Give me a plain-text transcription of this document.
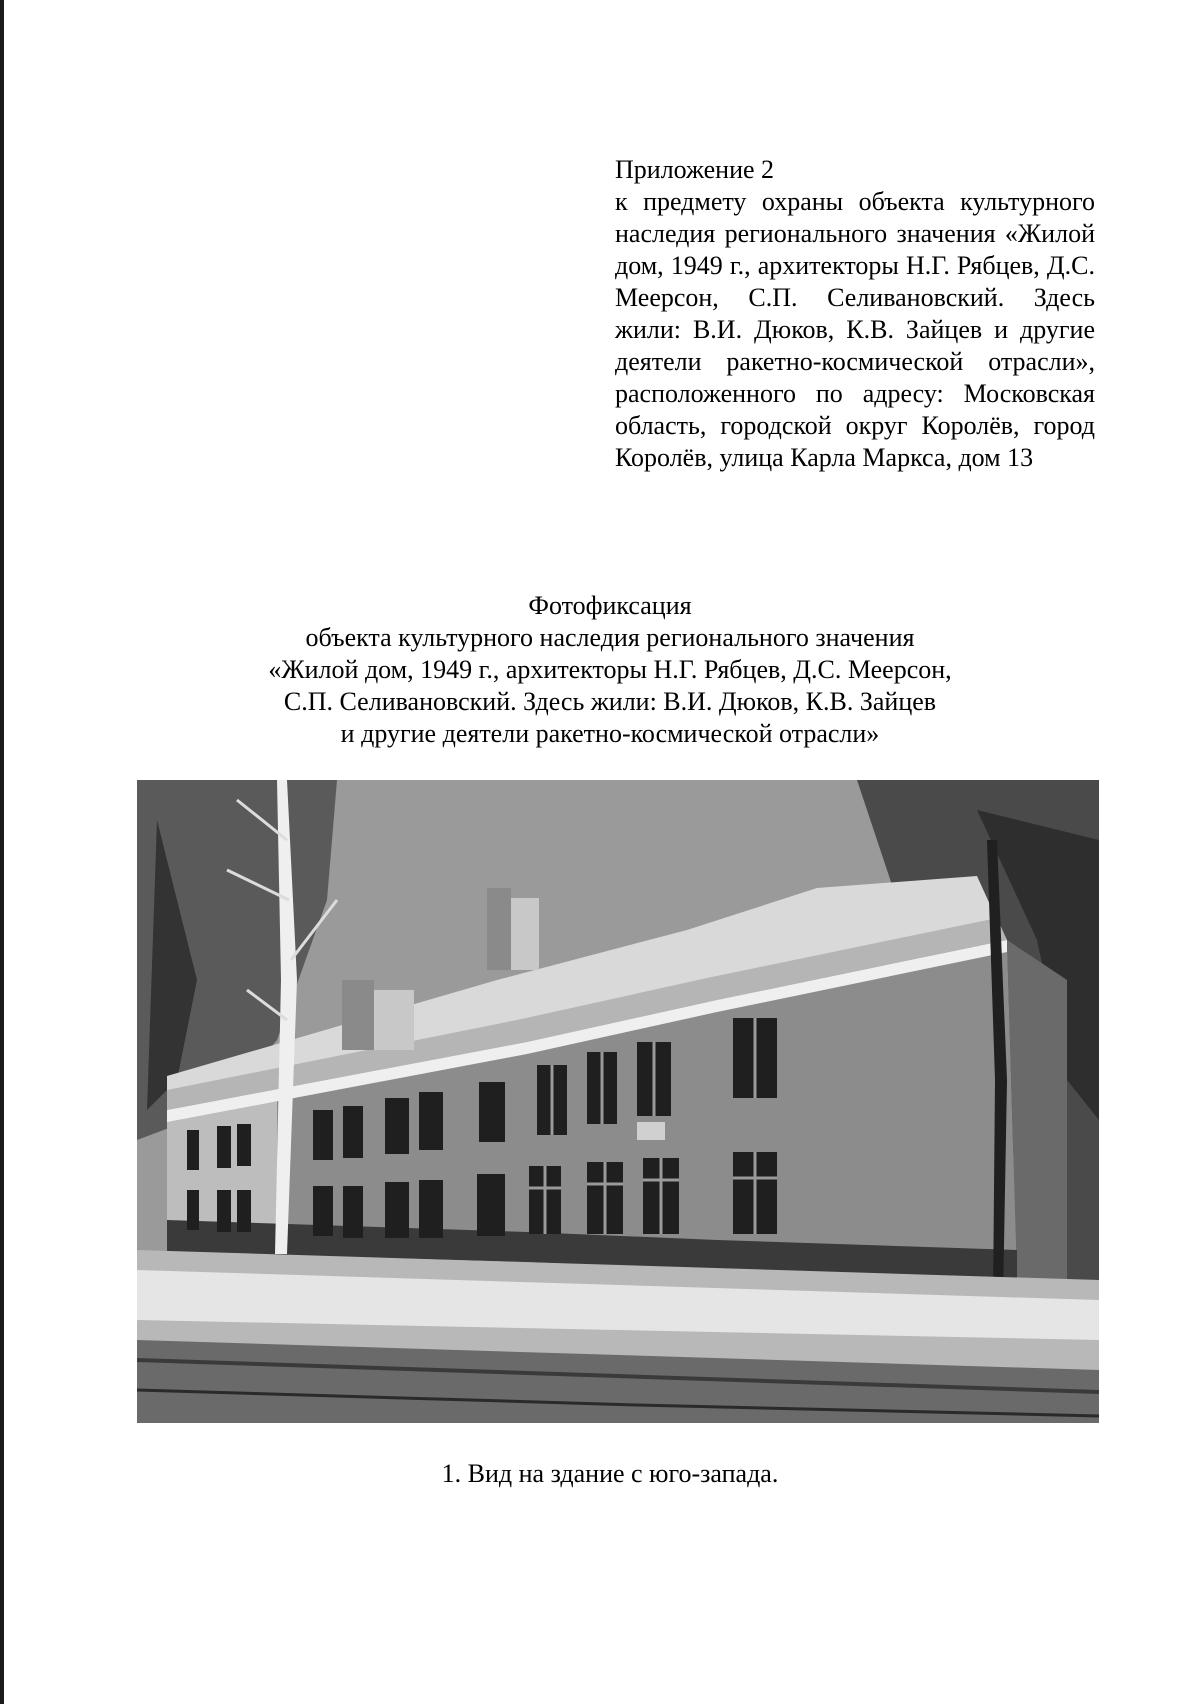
Приложение 2
к предмету охраны объекта культурного наследия регионального значения «Жилой дом, 1949 г., архитекторы Н.Г. Рябцев, Д.С. Меерсон, С.П. Селивановский. Здесь жили: В.И. Дюков, К.В. Зайцев и другие деятели ракетно-космической отрасли», расположенного по адресу: Московская область, городской округ Королёв, город Королёв, улица Карла Маркса, дом 13
Фотофиксация
объекта культурного наследия регионального значения
«Жилой дом, 1949 г., архитекторы Н.Г. Рябцев, Д.С. Меерсон,
С.П. Селивановский. Здесь жили: В.И. Дюков, К.В. Зайцев
и другие деятели ракетно-космической отрасли»
1. Вид на здание с юго-запада.
